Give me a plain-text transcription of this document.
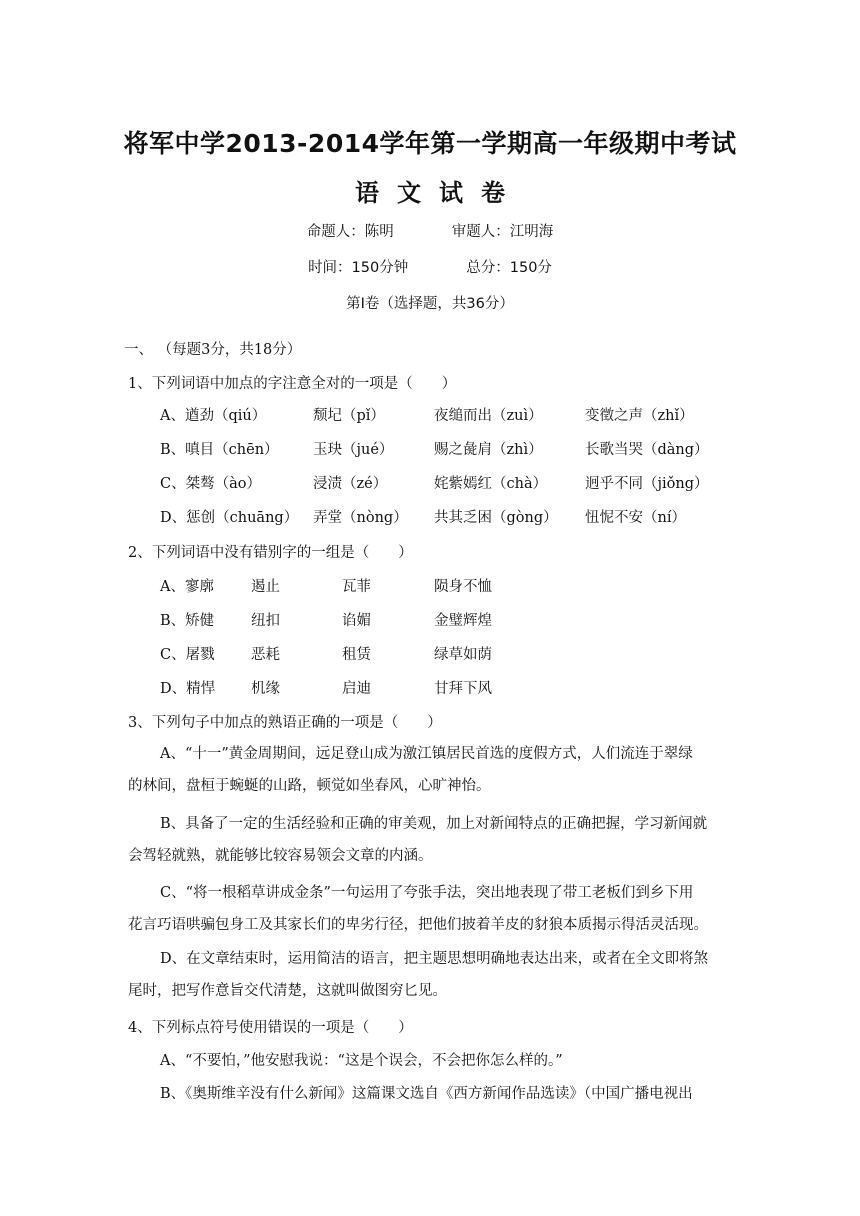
将军中学2013-2014学年第一学期高一年级期中考试
语文试卷
命题人：陈明	审题人：江明海
时间：150分钟	总分：150分
第Ⅰ卷（选择题，共36分）
一、 （每题3分，共18分）
1、下列词语中加点的字注意全对的一项是（　　）
A、遒劲（qiú）	颓圮（pǐ）	夜缒而出（zuì）	变徵之声（zhǐ）
B、嗔目（chēn） 玉玦（jué）	赐之彘肩（zhì）	长歌当哭（dàng）
C、桀骜（ào）	浸渍（zé）	姹紫嫣红（chà）	迥乎不同（jiǒng）
D、惩创（chuāng） 弄堂（nòng） 共其乏困（gòng） 忸怩不安（ní）
2、下列词语中没有错别字的一组是（　　）
A、寥廓	遏止	瓦菲	陨身不恤
B、矫健	纽扣	谄媚	金璧辉煌
C、屠戮	恶耗	租赁	绿草如荫
D、精悍 机缘	启迪	甘拜下风
3、下列句子中加点的熟语正确的一项是（　　）
A、“十一”黄金周期间，远足登山成为激江镇居民首选的度假方式，人们流连于翠绿
的林间，盘桓于蜿蜒的山路，顿觉如坐春风，心旷神怡。
B、具备了一定的生活经验和正确的审美观，加上对新闻特点的正确把握，学习新闻就
会驾轻就熟，就能够比较容易领会文章的内涵。
C、“将一根稻草讲成金条”一句运用了夸张手法，突出地表现了带工老板们到乡下用
花言巧语哄骗包身工及其家长们的卑劣行径，把他们披着羊皮的豺狼本质揭示得活灵活现。
D、在文章结束时，运用简洁的语言，把主题思想明确地表达出来，或者在全文即将煞
尾时，把写作意旨交代清楚，这就叫做图穷匕见。
4、下列标点符号使用错误的一项是（　　）
A、“不要怕，”他安慰我说：“这是个误会，不会把你怎么样的。”
B、《奥斯维辛没有什么新闻》这篇课文选自《西方新闻作品选读》（中国广播电视出
